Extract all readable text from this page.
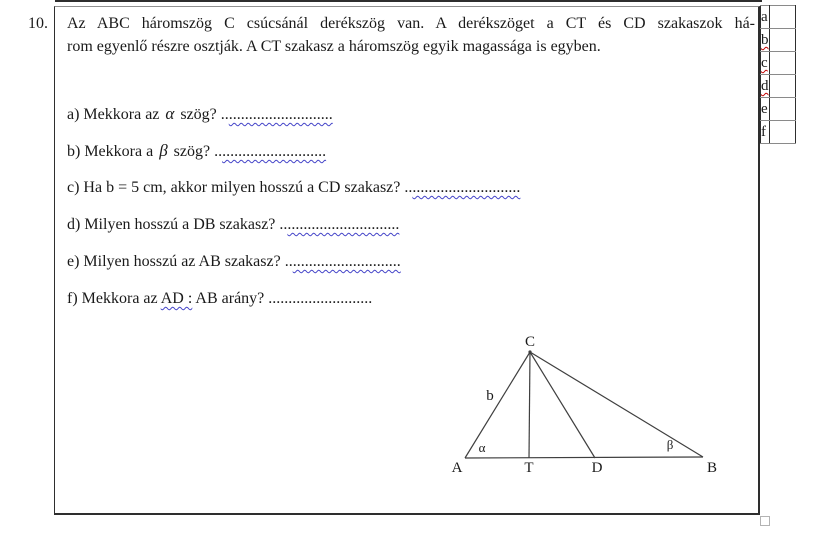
10. Az ABC háromszög C csúcsánál derékszög van. A derékszöget a CT és CD szakaszok há-
rom egyenlő részre osztják. A CT szakasz a háromszög egyik magassága is egyben.
a) Mekkora az α szög? ............................
b) Mekkora a β szög? ............................
c) Ha b = 5 cm, akkor milyen hosszú a CD szakasz? .............................
d) Milyen hosszú a DB szakasz? ..............................
e) Milyen hosszú az AB szakasz? .............................
f) Mekkora az AD : AB arány? ..........................
a	
b	
c	
d	
e	
f	
C
A	T	D	B
b
α	β
